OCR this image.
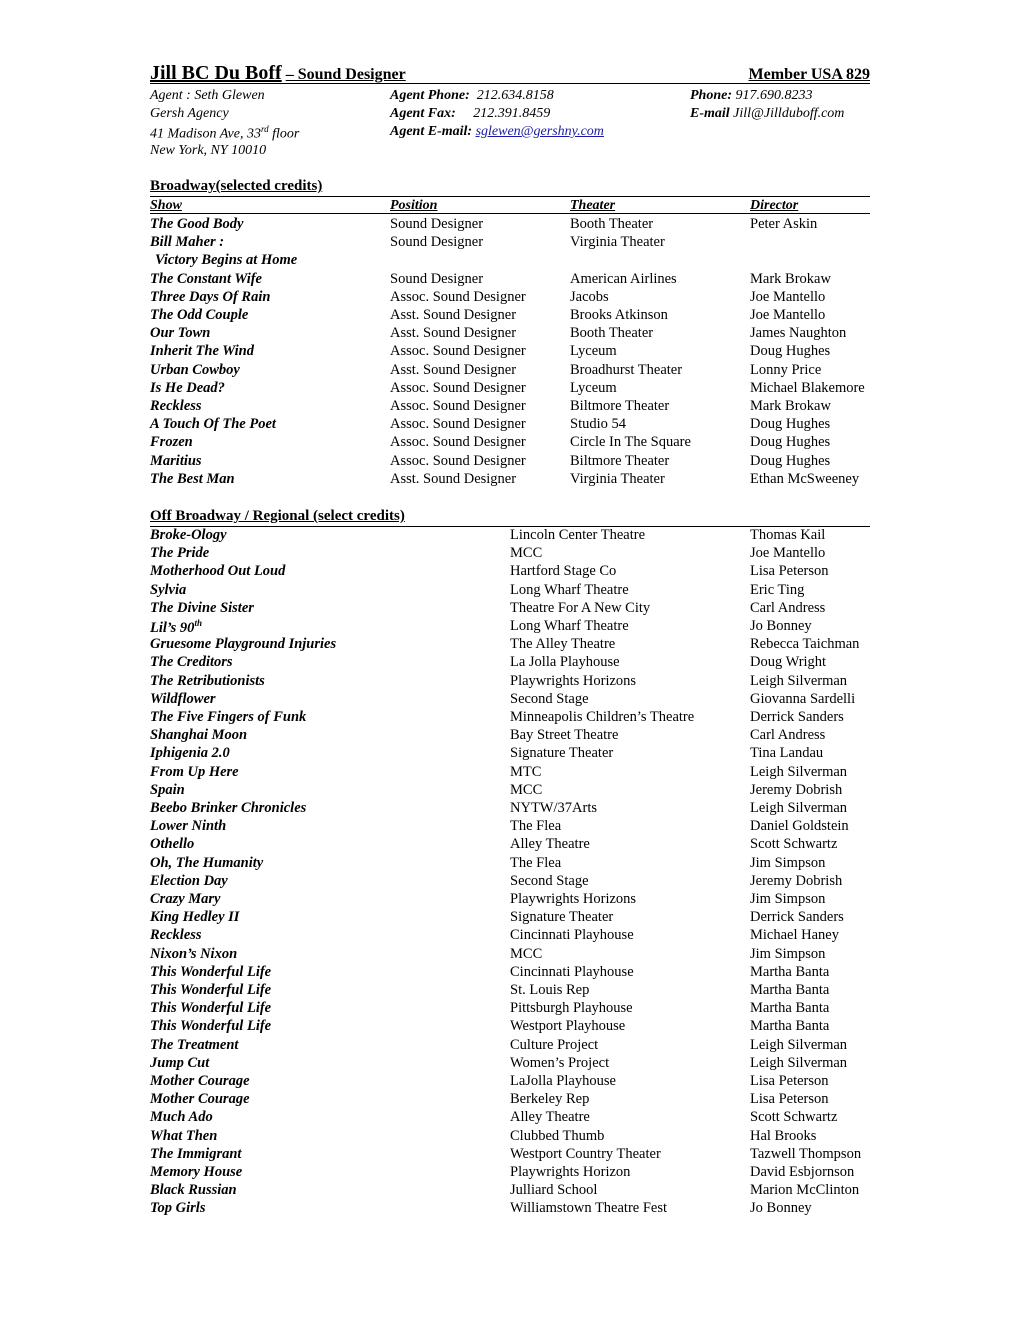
Jill BC Du Boff – Sound Designer	Member USA 829
Agent : Seth Glewen
Gersh Agency
41 Madison Ave, 33rd floor
New York, NY 10010
Agent Phone: 212.634.8158
Agent Fax: 212.391.8459
Agent E-mail: sglewen@gershny.com
Phone: 917.690.8233
E-mail Jill@Jillduboff.com
Broadway(selected credits)
Show	Position	Theater	Director
The Good Body	Sound Designer	Booth Theater	Peter Askin
Bill Maher :	Sound Designer	Virginia Theater
Victory Begins at Home
The Constant Wife	Sound Designer	American Airlines	Mark Brokaw
Three Days Of Rain	Assoc. Sound Designer	Jacobs	Joe Mantello
The Odd Couple	Asst. Sound Designer	Brooks Atkinson	Joe Mantello
Our Town	Asst. Sound Designer	Booth Theater	James Naughton
Inherit The Wind	Assoc. Sound Designer	Lyceum	Doug Hughes
Urban Cowboy	Asst. Sound Designer	Broadhurst Theater	Lonny Price
Is He Dead?	Assoc. Sound Designer	Lyceum	Michael Blakemore
Reckless	Assoc. Sound Designer	Biltmore Theater	Mark Brokaw
A Touch Of The Poet	Assoc. Sound Designer	Studio 54	Doug Hughes
Frozen	Assoc. Sound Designer	Circle In The Square	Doug Hughes
Maritius	Assoc. Sound Designer	Biltmore Theater	Doug Hughes
The Best Man	Asst. Sound Designer	Virginia Theater	Ethan McSweeney
Off Broadway / Regional (select credits)
Broke-Ology	Lincoln Center Theatre	Thomas Kail
The Pride	MCC	Joe Mantello
Motherhood Out Loud	Hartford Stage Co	Lisa Peterson
Sylvia	Long Wharf Theatre	Eric Ting
The Divine Sister	Theatre For A New City	Carl Andress
Lil’s 90th	Long Wharf Theatre	Jo Bonney
Gruesome Playground Injuries	The Alley Theatre	Rebecca Taichman
The Creditors	La Jolla Playhouse	Doug Wright
The Retributionists	Playwrights Horizons	Leigh Silverman
Wildflower	Second Stage	Giovanna Sardelli
The Five Fingers of Funk	Minneapolis Children’s Theatre	Derrick Sanders
Shanghai Moon	Bay Street Theatre	Carl Andress
Iphigenia 2.0	Signature Theater	Tina Landau
From Up Here	MTC	Leigh Silverman
Spain	MCC	Jeremy Dobrish
Beebo Brinker Chronicles	NYTW/37Arts	Leigh Silverman
Lower Ninth	The Flea	Daniel Goldstein
Othello	Alley Theatre	Scott Schwartz
Oh, The Humanity	The Flea	Jim Simpson
Election Day	Second Stage	Jeremy Dobrish
Crazy Mary	Playwrights Horizons	Jim Simpson
King Hedley II	Signature Theater	Derrick Sanders
Reckless	Cincinnati Playhouse	Michael Haney
Nixon’s Nixon	MCC	Jim Simpson
This Wonderful Life	Cincinnati Playhouse	Martha Banta
This Wonderful Life	St. Louis Rep	Martha Banta
This Wonderful Life	Pittsburgh Playhouse	Martha Banta
This Wonderful Life	Westport Playhouse	Martha Banta
The Treatment	Culture Project	Leigh Silverman
Jump Cut	Women’s Project	Leigh Silverman
Mother Courage	LaJolla Playhouse	Lisa Peterson
Mother Courage	Berkeley Rep	Lisa Peterson
Much Ado	Alley Theatre	Scott Schwartz
What Then	Clubbed Thumb	Hal Brooks
The Immigrant	Westport Country Theater	Tazwell Thompson
Memory House	Playwrights Horizon	David Esbjornson
Black Russian	Julliard School	Marion McClinton
Top Girls	Williamstown Theatre Fest	Jo Bonney
